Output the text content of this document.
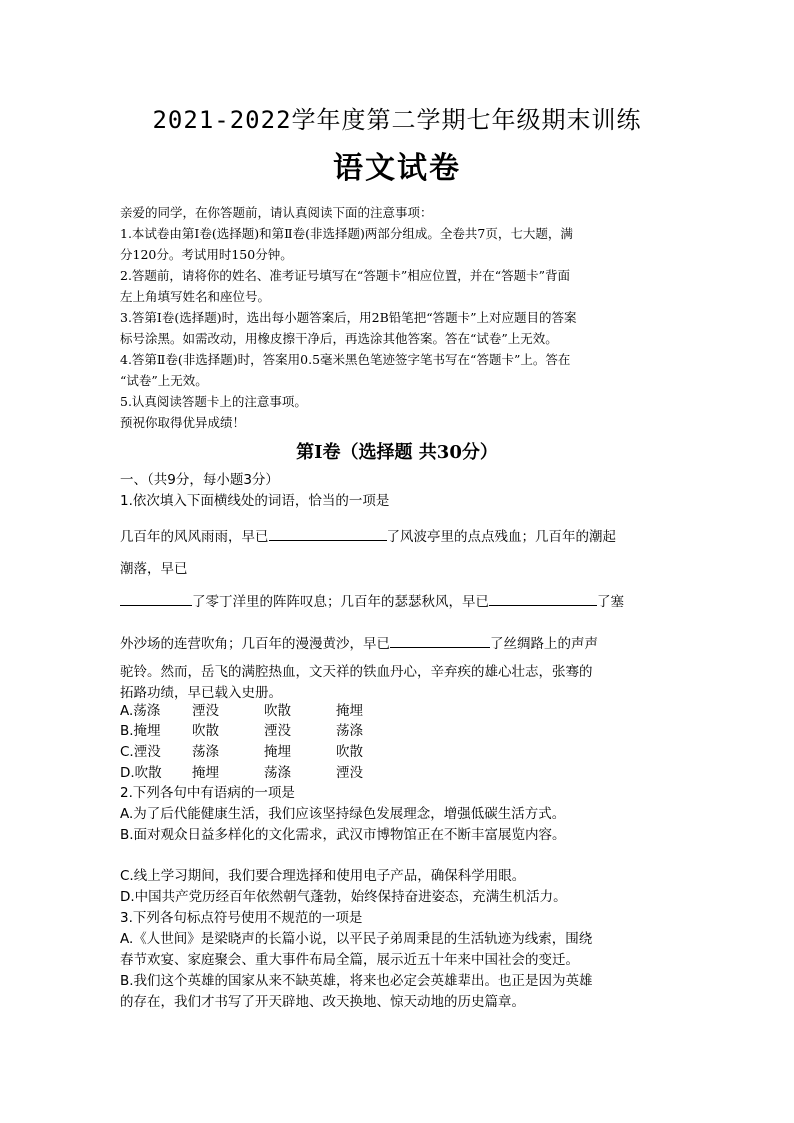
2021-2022学年度第二学期七年级期末训练
语文试卷
亲爱的同学，在你答题前，请认真阅读下面的注意事项：
1.本试卷由第Ⅰ卷(选择题)和第Ⅱ卷(非选择题)两部分组成。全卷共7页，七大题，满
分120分。考试用时150分钟。
2.答题前，请将你的姓名、准考证号填写在“答题卡”相应位置，并在“答题卡”背面
左上角填写姓名和座位号。
3.答第Ⅰ卷(选择题)时，选出每小题答案后，用2B铅笔把“答题卡”上对应题目的答案
标号涂黑。如需改动，用橡皮擦干净后，再选涂其他答案。答在“试卷”上无效。
4.答第Ⅱ卷(非选择题)时，答案用0.5毫米黑色笔迹签字笔书写在“答题卡”上。答在
“试卷”上无效。
5.认真阅读答题卡上的注意事项。
预祝你取得优异成绩！
第Ⅰ卷（选择题 共30分）
一、（共9分，每小题3分）
1.依次填入下面横线处的词语，恰当的一项是
几百年的风风雨雨，早已	了风波亭里的点点残血；几百年的潮起
潮落，早已
了零丁洋里的阵阵叹息；几百年的瑟瑟秋风，早已	了塞
外沙场的连营吹角；几百年的漫漫黄沙，早已	了丝绸路上的声声
驼铃。然而，岳飞的满腔热血，文天祥的铁血丹心，辛弃疾的雄心壮志，张骞的
拓路功绩，早已载入史册。
A.荡涤 湮没	吹散	掩埋
B.掩埋 吹散	湮没	荡涤
C.湮没 荡涤	掩埋	吹散
D.吹散 掩埋	荡涤	湮没
2.下列各句中有语病的一项是
A.为了后代能健康生活，我们应该坚持绿色发展理念，增强低碳生活方式。
B.面对观众日益多样化的文化需求，武汉市博物馆正在不断丰富展览内容。
C.线上学习期间，我们要合理选择和使用电子产品，确保科学用眼。
D.中国共产党历经百年依然朝气蓬勃，始终保持奋进姿态，充满生机活力。
3.下列各句标点符号使用不规范的一项是
A.《人世间》是梁晓声的长篇小说，以平民子弟周秉昆的生活轨迹为线索，围绕
春节欢宴、家庭聚会、重大事件布局全篇，展示近五十年来中国社会的变迁。
B.我们这个英雄的国家从来不缺英雄，将来也必定会英雄辈出。也正是因为英雄
的存在，我们才书写了开天辟地、改天换地、惊天动地的历史篇章。
